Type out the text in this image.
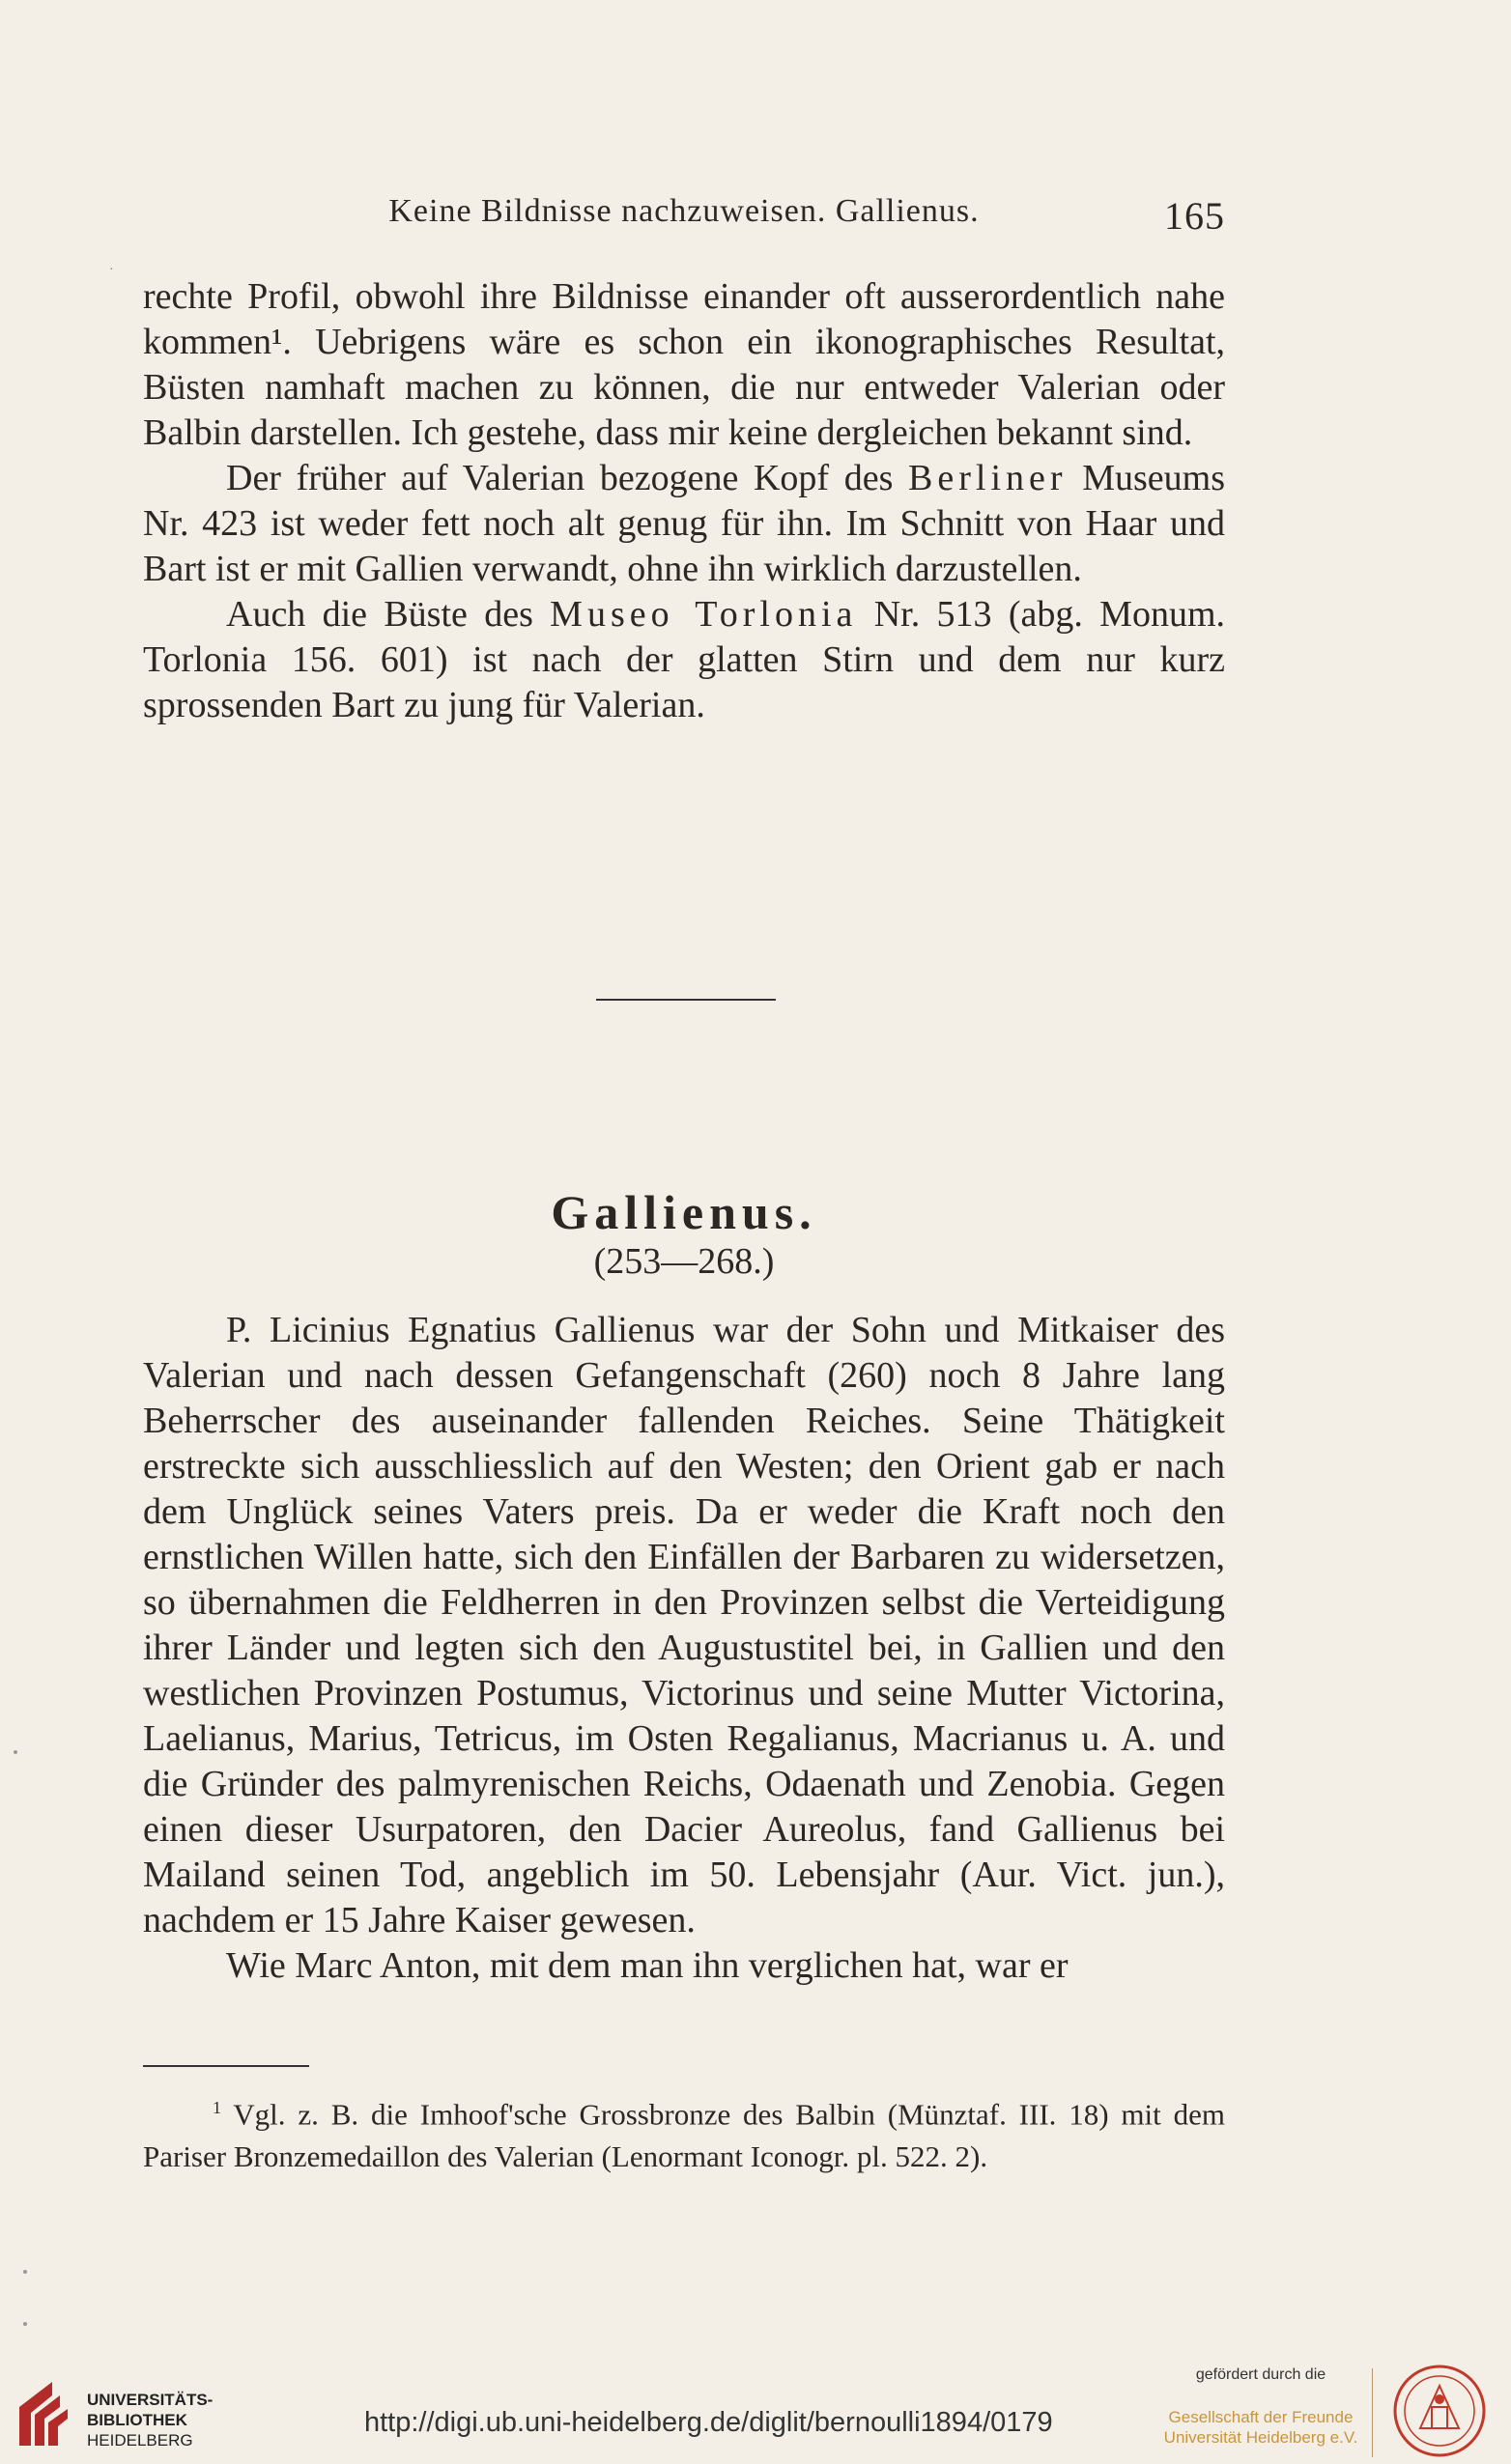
Keine Bildnisse nachzuweisen. Gallienus.	165
·

rechte Profil, obwohl ihre Bildnisse einander oft ausserordentlich nahe kommen¹. Uebrigens wäre es schon ein ikonographisches Resultat, Büsten namhaft machen zu können, die nur entweder Valerian oder Balbin darstellen. Ich gestehe, dass mir keine dergleichen bekannt sind.

Der früher auf Valerian bezogene Kopf des Berliner Museums Nr. 423 ist weder fett noch alt genug für ihn. Im Schnitt von Haar und Bart ist er mit Gallien verwandt, ohne ihn wirklich darzustellen.

Auch die Büste des Museo Torlonia Nr. 513 (abg. Monum. Torlonia 156. 601) ist nach der glatten Stirn und dem nur kurz sprossenden Bart zu jung für Valerian.

Gallienus.
(253—268.)

P. Licinius Egnatius Gallienus war der Sohn und Mitkaiser des Valerian und nach dessen Gefangenschaft (260) noch 8 Jahre lang Beherrscher des auseinander fallenden Reiches. Seine Thätigkeit erstreckte sich ausschliesslich auf den Westen; den Orient gab er nach dem Unglück seines Vaters preis. Da er weder die Kraft noch den ernstlichen Willen hatte, sich den Einfällen der Barbaren zu widersetzen, so übernahmen die Feldherren in den Provinzen selbst die Verteidigung ihrer Länder und legten sich den Augustustitel bei, in Gallien und den westlichen Provinzen Postumus, Victorinus und seine Mutter Victorina, Laelianus, Marius, Tetricus, im Osten Regalianus, Macrianus u. A. und die Gründer des palmyrenischen Reichs, Odaenath und Zenobia. Gegen einen dieser Usurpatoren, den Dacier Aureolus, fand Gallienus bei Mailand seinen Tod, angeblich im 50. Lebensjahr (Aur. Vict. jun.), nachdem er 15 Jahre Kaiser gewesen.

Wie Marc Anton, mit dem man ihn verglichen hat, war er

$^1$ Vgl. z. B. die Imhoof'sche Grossbronze des Balbin (Münztaf. III. 18) mit dem Pariser Bronzemedaillon des Valerian (Lenormant Iconogr. pl. 522. 2).

UNIVERSITÄTS-
BIBLIOTHEK
HEIDELBERG
http://digi.ub.uni-heidelberg.de/diglit/bernoulli1894/0179
gefördert durch die
Gesellschaft der Freunde
Universität Heidelberg e.V.
